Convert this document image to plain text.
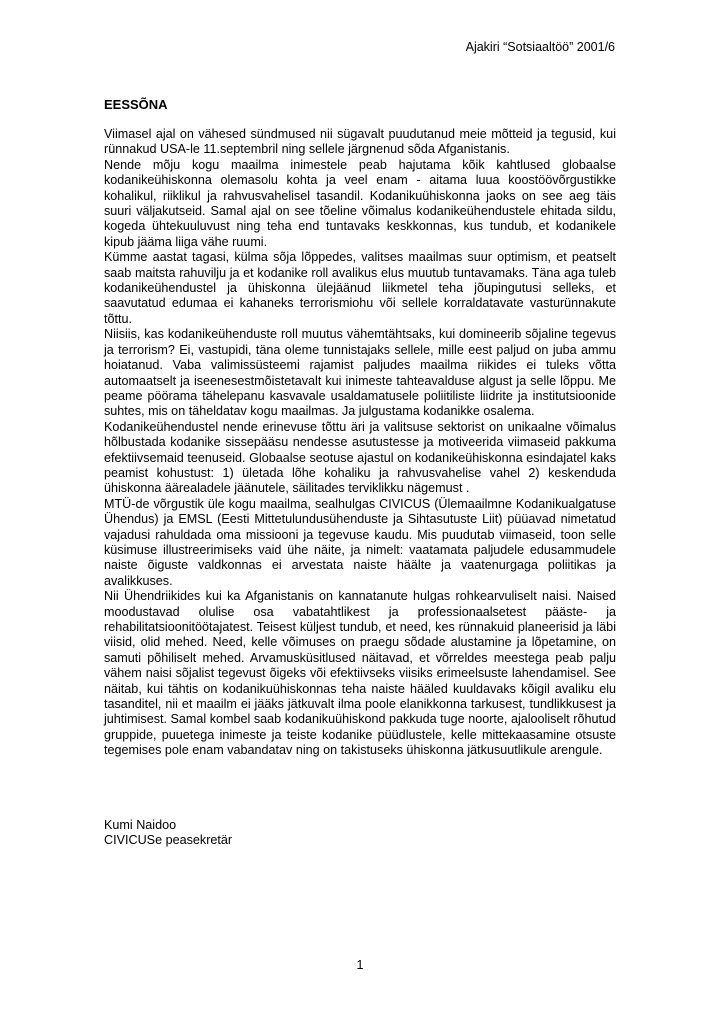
Ajakiri “Sotsiaaltöö” 2001/6
EESSÕNA

Viimasel ajal on vähesed sündmused nii sügavalt puudutanud meie mõtteid ja tegusid, kui rünnakud USA-le 11.septembril ning sellele järgnenud sõda Afganistanis.

Nende mõju kogu maailma inimestele peab hajutama kõik kahtlused globaalse kodanikeühiskonna olemasolu kohta ja veel enam - aitama luua koostöövõrgustikke kohalikul, riiklikul ja rahvusvahelisel tasandil. Kodanikuühiskonna jaoks on see aeg täis suuri väljakutseid. Samal ajal on see tõeline võimalus kodanikeühendustele ehitada sildu, kogeda ühtekuuluvust ning teha end tuntavaks keskkonnas, kus tundub, et kodanikele kipub jääma liiga vähe ruumi.

Kümme aastat tagasi, külma sõja lõppedes, valitses maailmas suur optimism, et peatselt saab maitsta rahuvilju ja et kodanike roll avalikus elus muutub tuntavamaks. Täna aga tuleb kodanikeühendustel ja ühiskonna ülejäänud liikmetel teha jõupingutusi selleks, et saavutatud edumaa ei kahaneks terrorismiohu või sellele korraldatavate vasturünnakute tõttu.

Niisiis, kas kodanikeühenduste roll muutus vähemtähtsaks, kui domineerib sõjaline tegevus ja terrorism? Ei, vastupidi, täna oleme tunnistajaks sellele, mille eest paljud on juba ammu hoiatanud. Vaba valimissüsteemi rajamist paljudes maailma riikides ei tuleks võtta automaatselt ja iseenesestmõistetavalt kui inimeste tahteavalduse algust ja selle lõppu. Me peame pöörama tähelepanu kasvavale usaldamatusele poliitiliste liidrite ja institutsioonide suhtes, mis on täheldatav kogu maailmas. Ja julgustama kodanikke osalema.

Kodanikeühendustel nende erinevuse tõttu äri ja valitsuse sektorist on unikaalne võimalus hõlbustada kodanike sissepääsu nendesse asutustesse ja motiveerida viimaseid pakkuma efektiivsemaid teenuseid. Globaalse seotuse ajastul on kodanikeühiskonna esindajatel kaks peamist kohustust: 1) ületada lõhe kohaliku ja rahvusvahelise vahel 2) keskenduda ühiskonna äärealadele jäänutele, säilitades terviklikku nägemust .

MTÜ-de võrgustik üle kogu maailma, sealhulgas CIVICUS (Ülemaailmne Kodanikualgatuse Ühendus) ja EMSL (Eesti Mittetulundusühenduste ja Sihtasutuste Liit) püüavad nimetatud vajadusi rahuldada oma missiooni ja tegevuse kaudu. Mis puudutab viimaseid, toon selle küsimuse illustreerimiseks vaid ühe näite, ja nimelt: vaatamata paljudele edusammudele naiste õiguste valdkonnas ei arvestata naiste häälte ja vaatenurgaga poliitikas ja avalikkuses.

Nii Ühendriikides kui ka Afganistanis on kannatanute hulgas rohkearvuliselt naisi. Naised moodustavad olulise osa vabatahtlikest ja professionaalsetest pääste- ja rehabilitatsioonitöötajatest. Teisest küljest tundub, et need, kes rünnakuid planeerisid ja läbi viisid, olid mehed. Need, kelle võimuses on praegu sõdade alustamine ja lõpetamine, on samuti põhiliselt mehed. Arvamusküsitlused näitavad, et võrreldes meestega peab palju vähem naisi sõjalist tegevust õigeks või efektiivseks viisiks erimeelsuste lahendamisel. See näitab, kui tähtis on kodanikuühiskonnas teha naiste hääled kuuldavaks kõigil avaliku elu tasanditel, nii et maailm ei jääks jätkuvalt ilma poole elanikkonna tarkusest, tundlikkusest ja juhtimisest. Samal kombel saab kodanikuühiskond pakkuda tuge noorte, ajalooliselt rõhutud gruppide, puuetega inimeste ja teiste kodanike püüdlustele, kelle mittekaasamine otsuste tegemises pole enam vabandatav ning on takistuseks ühiskonna jätkusuutlikule arengule.

Kumi Naidoo
CIVICUSe peasekretär
1
